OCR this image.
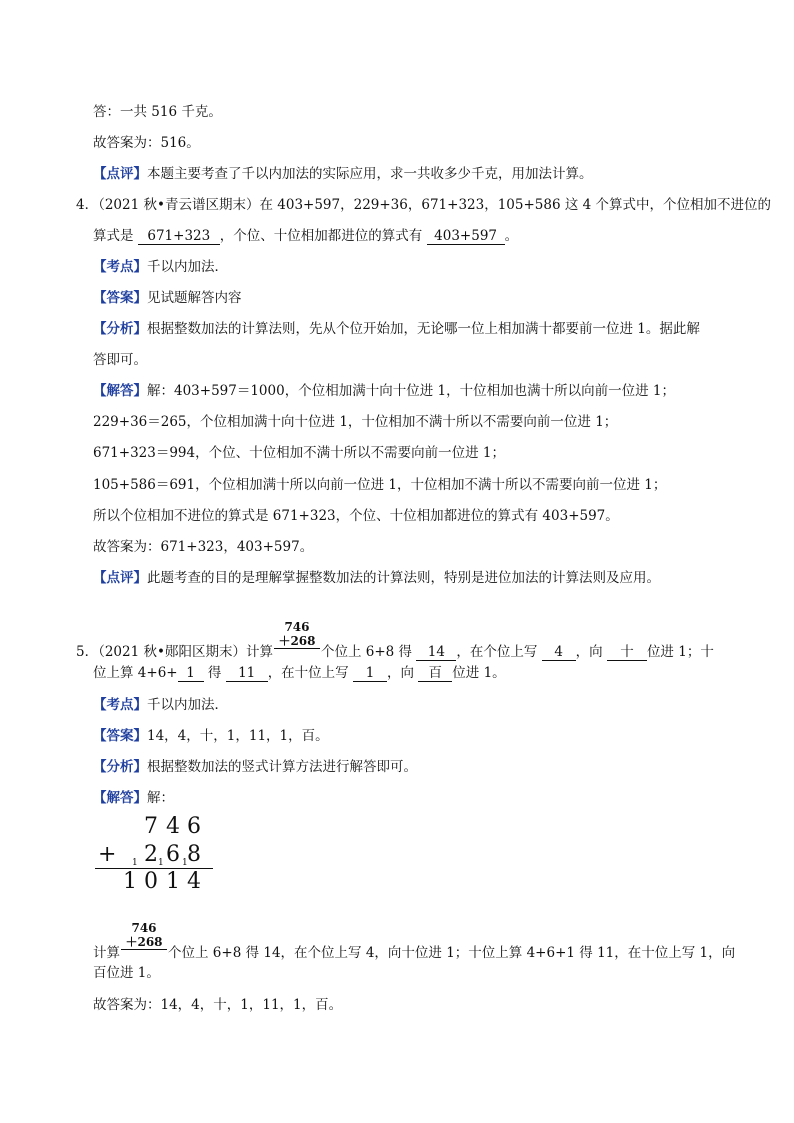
答：一共 516 千克。
故答案为：516。
【点评】本题主要考查了千以内加法的实际应用，求一共收多少千克，用加法计算。
4．（2021 秋•青云谱区期末）在 403+597，229+36，671+323，105+586 这 4 个算式中，个位相加不进位的
算式是 671+323 ，个位、十位相加都进位的算式有 403+597 。
【考点】千以内加法．
【答案】见试题解答内容
【分析】根据整数加法的计算法则，先从个位开始加，无论哪一位上相加满十都要前一位进 1。据此解
答即可。
【解答】解：403+597＝1000，个位相加满十向十位进 1，十位相加也满十所以向前一位进 1；
229+36＝265，个位相加满十向十位进 1，十位相加不满十所以不需要向前一位进 1；
671+323＝994，个位、十位相加不满十所以不需要向前一位进 1；
105+586＝691，个位相加满十所以向前一位进 1，十位相加不满十所以不需要向前一位进 1；
所以个位相加不进位的算式是 671+323，个位、十位相加都进位的算式有 403+597。
故答案为：671+323，403+597。
【点评】此题考查的目的是理解掌握整数加法的计算法则，特别是进位加法的计算法则及应用。
5．（2021 秋•郧阳区期末）计算
746
＋268
个位上 6+8 得 14 ，在个位上写 4 ，向 十 位进 1；十
位上算 4+6+ 1 得 11 ，在十位上写 1 ，向 百 位进 1。
【考点】千以内加法．
【答案】14，4，十，1，11，1，百。
【分析】根据整数加法的竖式计算方法进行解答即可。
【解答】解：
7 4 6
+ 1 2 1 6 1 8
1 0 1 4
计算
746
＋268
个位上 6+8 得 14，在个位上写 4，向十位进 1；十位上算 4+6+1 得 11，在十位上写 1，向
百位进 1。
故答案为：14，4，十，1，11，1，百。
